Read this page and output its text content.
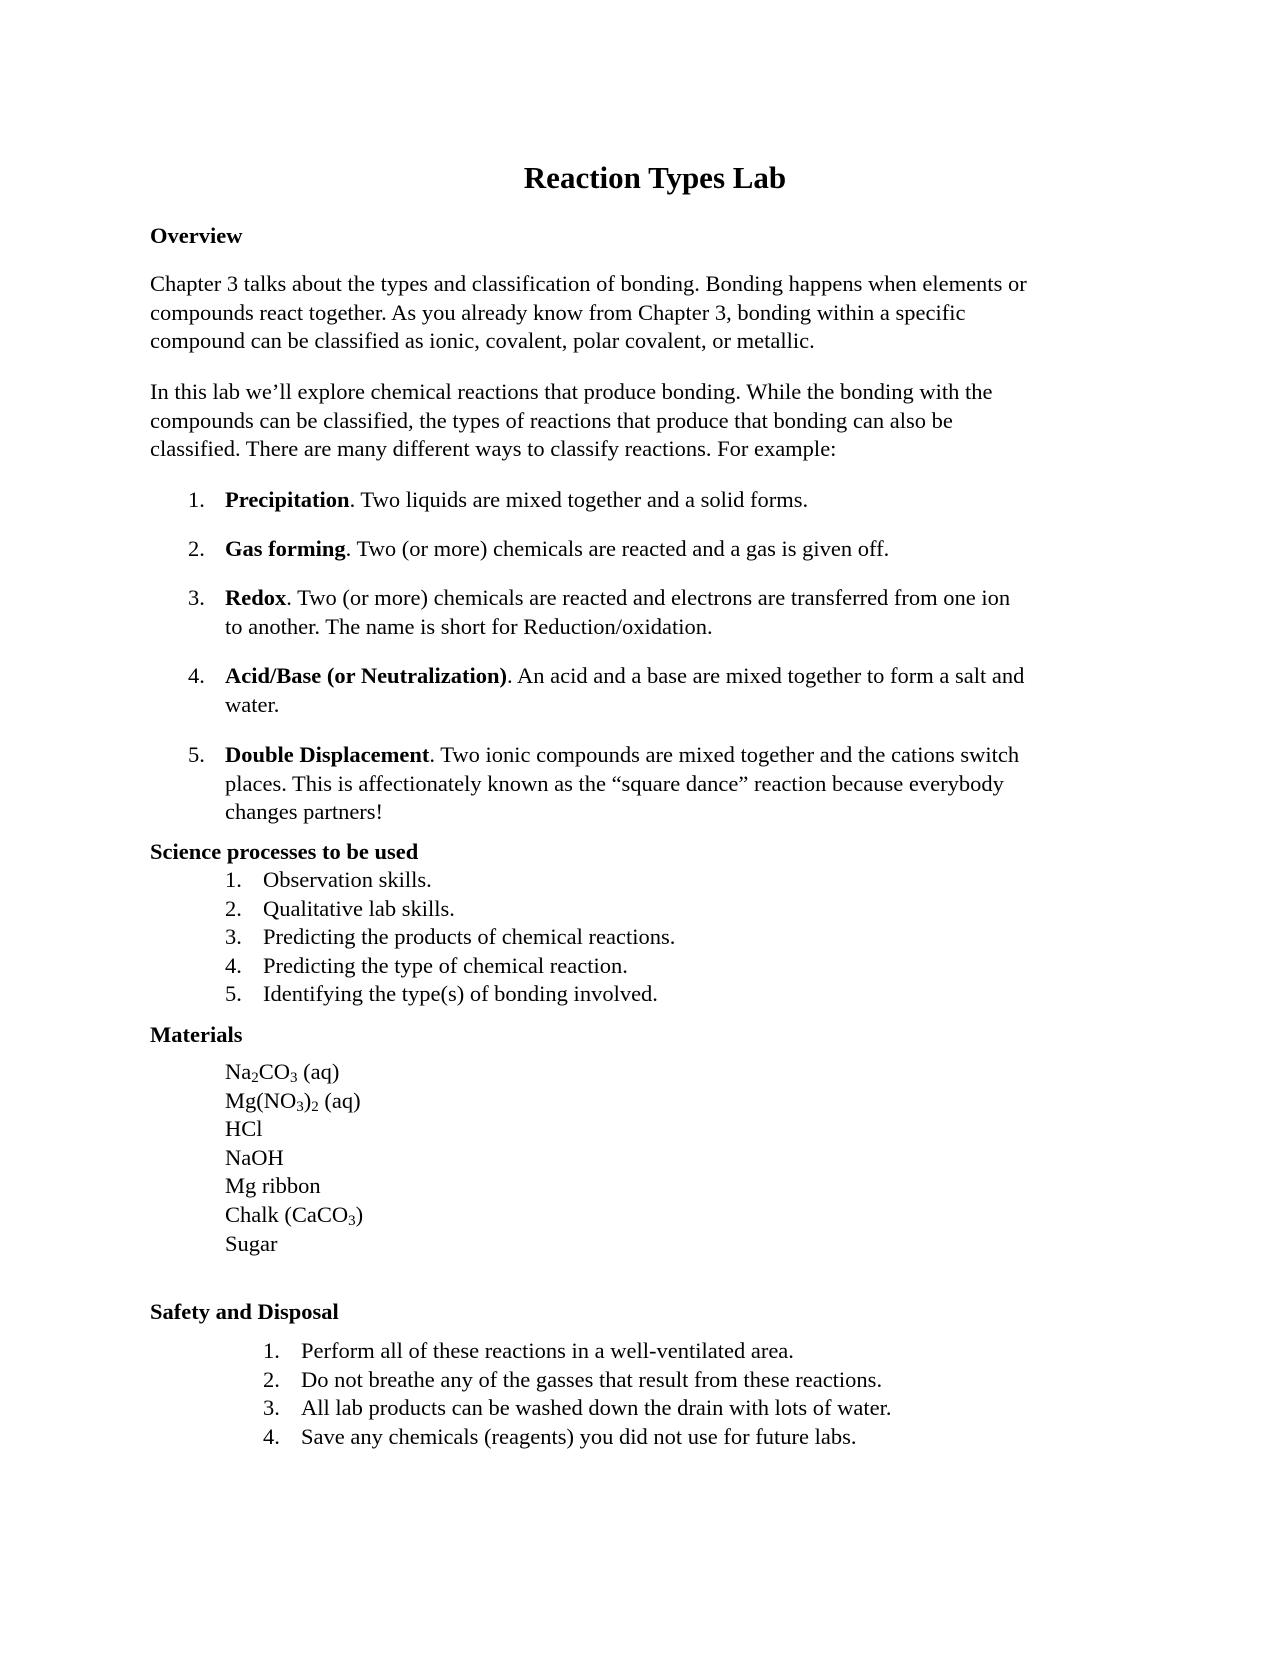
Reaction Types Lab
Overview
Chapter 3 talks about the types and classification of bonding. Bonding happens when elements or
compounds react together. As you already know from Chapter 3, bonding within a specific
compound can be classified as ionic, covalent, polar covalent, or metallic.
In this lab we’ll explore chemical reactions that produce bonding. While the bonding with the
compounds can be classified, the types of reactions that produce that bonding can also be
classified. There are many different ways to classify reactions. For example:
1. Precipitation. Two liquids are mixed together and a solid forms.
2. Gas forming. Two (or more) chemicals are reacted and a gas is given off.
3. Redox. Two (or more) chemicals are reacted and electrons are transferred from one ion
to another. The name is short for Reduction/oxidation.
4. Acid/Base (or Neutralization). An acid and a base are mixed together to form a salt and
water.
5. Double Displacement. Two ionic compounds are mixed together and the cations switch
places. This is affectionately known as the “square dance” reaction because everybody
changes partners!
Science processes to be used
1. Observation skills.
2. Qualitative lab skills.
3. Predicting the products of chemical reactions.
4. Predicting the type of chemical reaction.
5. Identifying the type(s) of bonding involved.
Materials
$Na_2CO_3$ (aq)
$Mg(NO_3)_2$ (aq)
HCl
NaOH
Mg ribbon
Chalk (CaCO$_3$)
Sugar
Safety and Disposal
1. Perform all of these reactions in a well-ventilated area.
2. Do not breathe any of the gasses that result from these reactions.
3. All lab products can be washed down the drain with lots of water.
4. Save any chemicals (reagents) you did not use for future labs.
